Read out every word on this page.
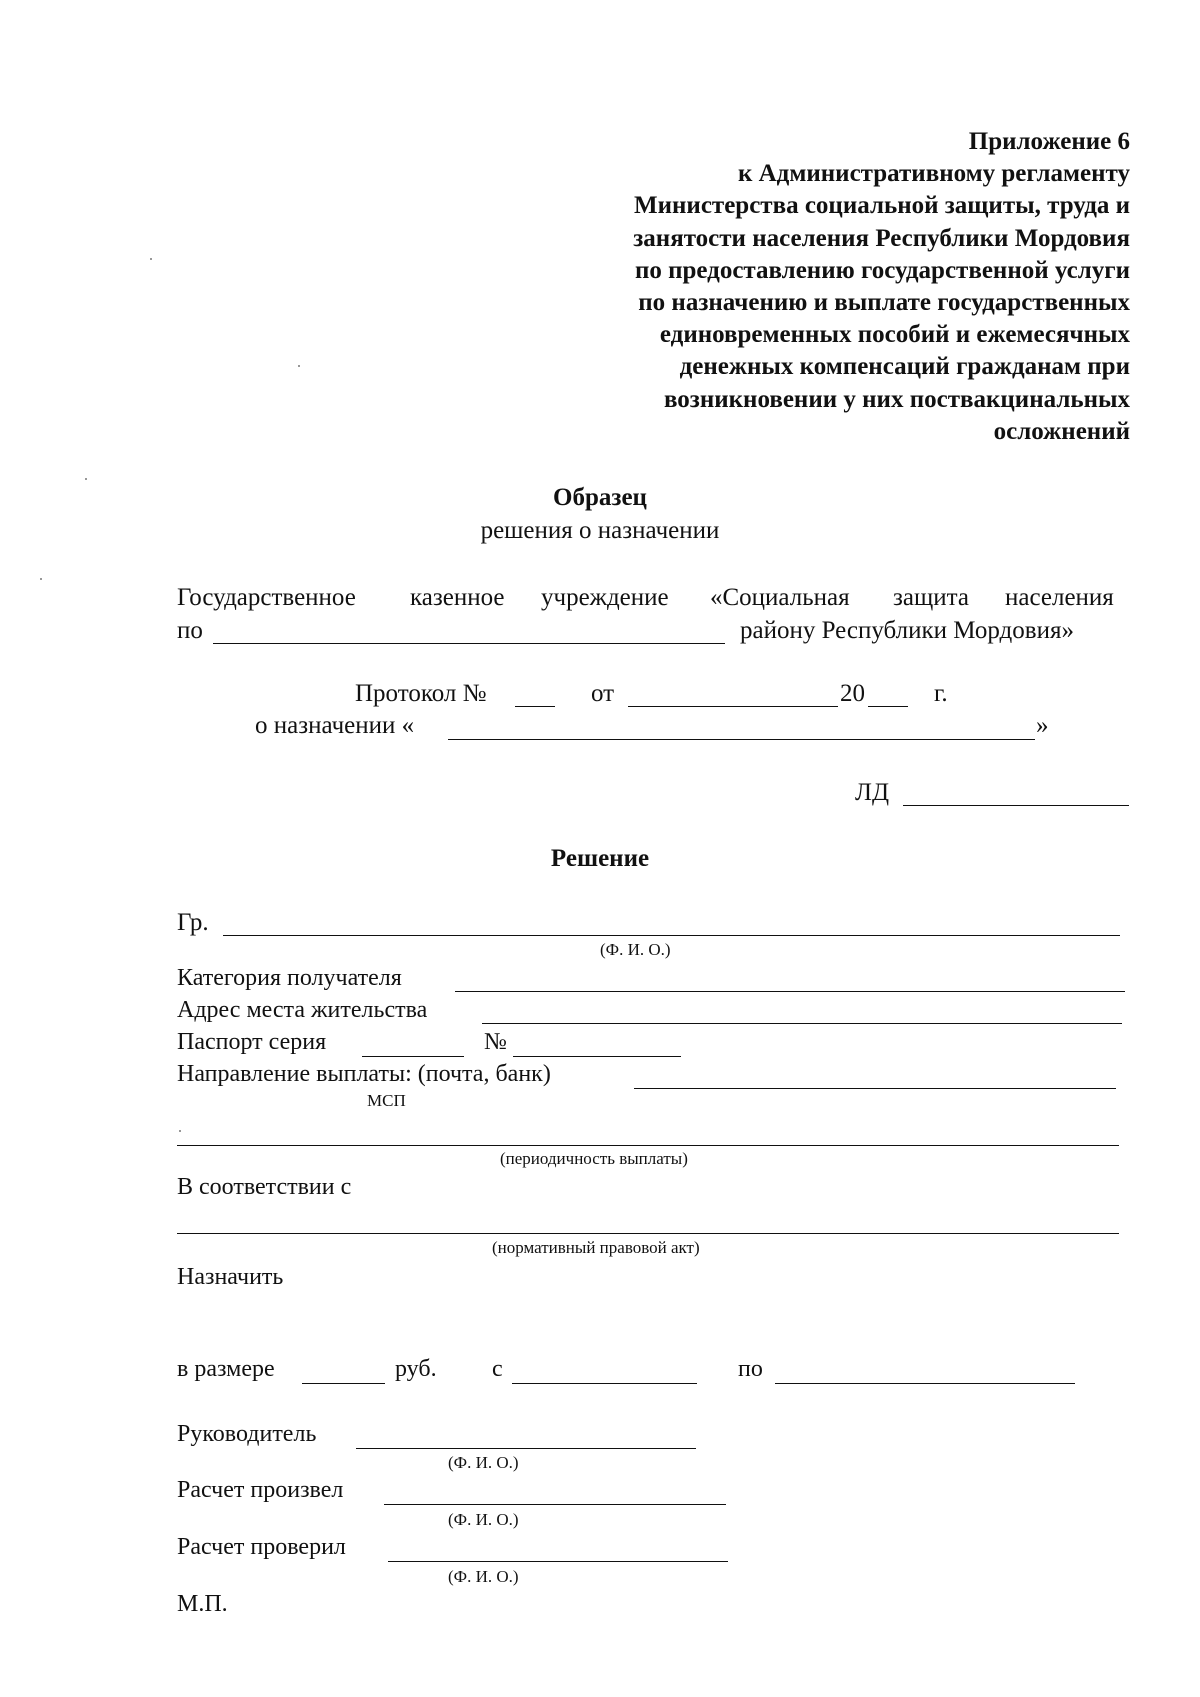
Приложение 6
к Административному регламенту
Министерства социальной защиты, труда и
занятости населения Республики Мордовия
по предоставлению государственной услуги
по назначению и выплате государственных
единовременных пособий и ежемесячных
денежных компенсаций гражданам при
возникновении у них поствакцинальных
осложнений
Образец
решения о назначении
Государственное казенное учреждение «Социальная защита населения
по	району Республики Мордовия»
Протокол №	от	20	г.
о назначении «	»
ЛД
Решение
Гр.
(Ф. И. О.)
Категория получателя
Адрес места жительства
Паспорт серия	№
Направление выплаты: (почта, банк)
МСП
(периодичность выплаты)
В соответствии с
(нормативный правовой акт)
Назначить
в размере	руб. с	по
Руководитель
(Ф. И. О.)
Расчет произвел
(Ф. И. О.)
Расчет проверил
(Ф. И. О.)
М.П.
